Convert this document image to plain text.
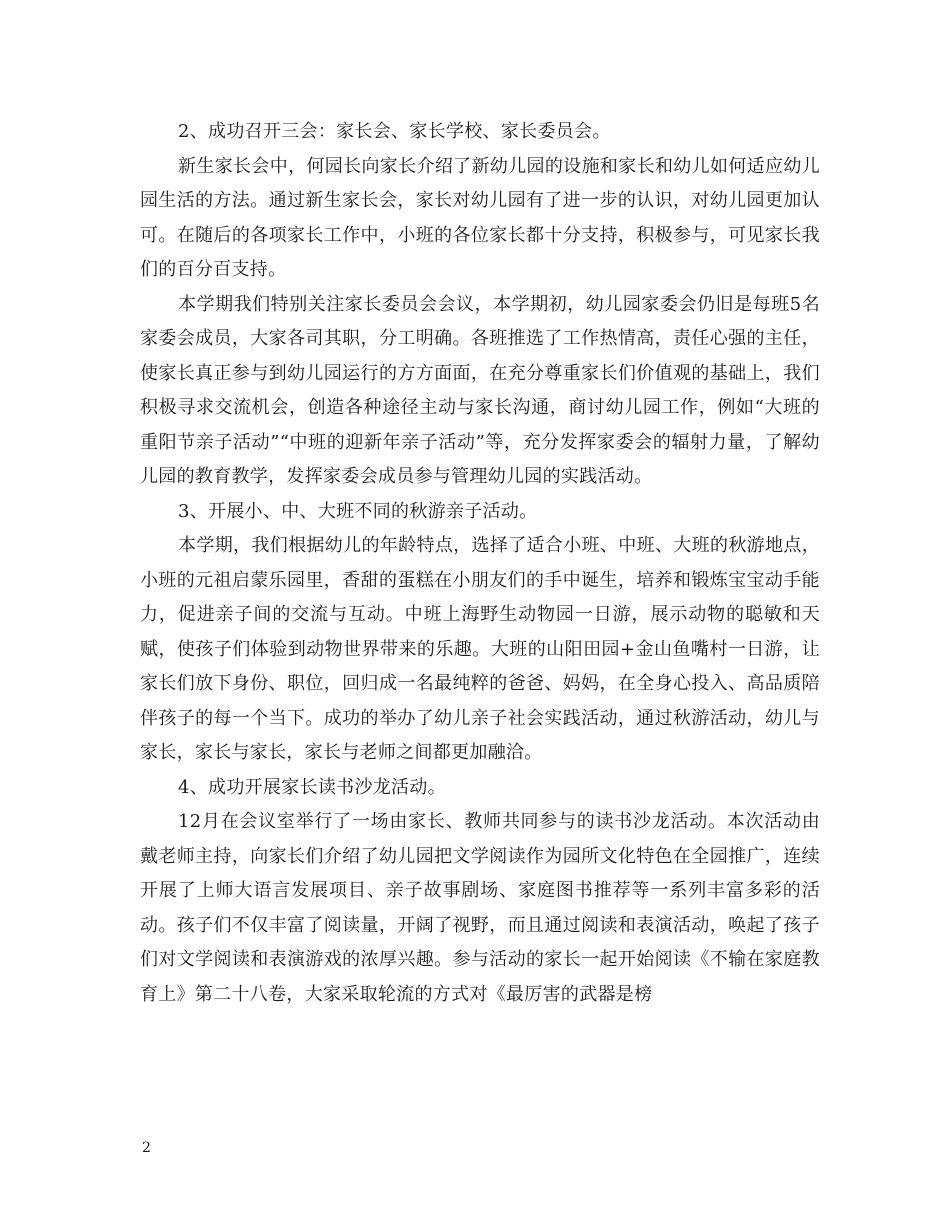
2、成功召开三会：家长会、家长学校、家长委员会。

新生家长会中，何园长向家长介绍了新幼儿园的设施和家长和幼儿如何适应幼儿园生活的方法。通过新生家长会，家长对幼儿园有了进一步的认识，对幼儿园更加认可。在随后的各项家长工作中，小班的各位家长都十分支持，积极参与，可见家长我们的百分百支持。

本学期我们特别关注家长委员会会议，本学期初，幼儿园家委会仍旧是每班5名家委会成员，大家各司其职，分工明确。各班推选了工作热情高，责任心强的主任，使家长真正参与到幼儿园运行的方方面面，在充分尊重家长们价值观的基础上，我们积极寻求交流机会，创造各种途径主动与家长沟通，商讨幼儿园工作，例如“大班的重阳节亲子活动”“中班的迎新年亲子活动”等，充分发挥家委会的辐射力量，了解幼儿园的教育教学，发挥家委会成员参与管理幼儿园的实践活动。

3、开展小、中、大班不同的秋游亲子活动。

本学期，我们根据幼儿的年龄特点，选择了适合小班、中班、大班的秋游地点，小班的元祖启蒙乐园里，香甜的蛋糕在小朋友们的手中诞生，培养和锻炼宝宝动手能力，促进亲子间的交流与互动。中班上海野生动物园一日游，展示动物的聪敏和天赋，使孩子们体验到动物世界带来的乐趣。大班的山阳田园+金山鱼嘴村一日游，让家长们放下身份、职位，回归成一名最纯粹的爸爸、妈妈，在全身心投入、高品质陪伴孩子的每一个当下。成功的举办了幼儿亲子社会实践活动，通过秋游活动，幼儿与家长，家长与家长，家长与老师之间都更加融洽。

4、成功开展家长读书沙龙活动。

12月在会议室举行了一场由家长、教师共同参与的读书沙龙活动。本次活动由戴老师主持，向家长们介绍了幼儿园把文学阅读作为园所文化特色在全园推广，连续开展了上师大语言发展项目、亲子故事剧场、家庭图书推荐等一系列丰富多彩的活动。孩子们不仅丰富了阅读量，开阔了视野，而且通过阅读和表演活动，唤起了孩子们对文学阅读和表演游戏的浓厚兴趣。参与活动的家长一起开始阅读《不输在家庭教育上》第二十八卷，大家采取轮流的方式对《最厉害的武器是榜

2
